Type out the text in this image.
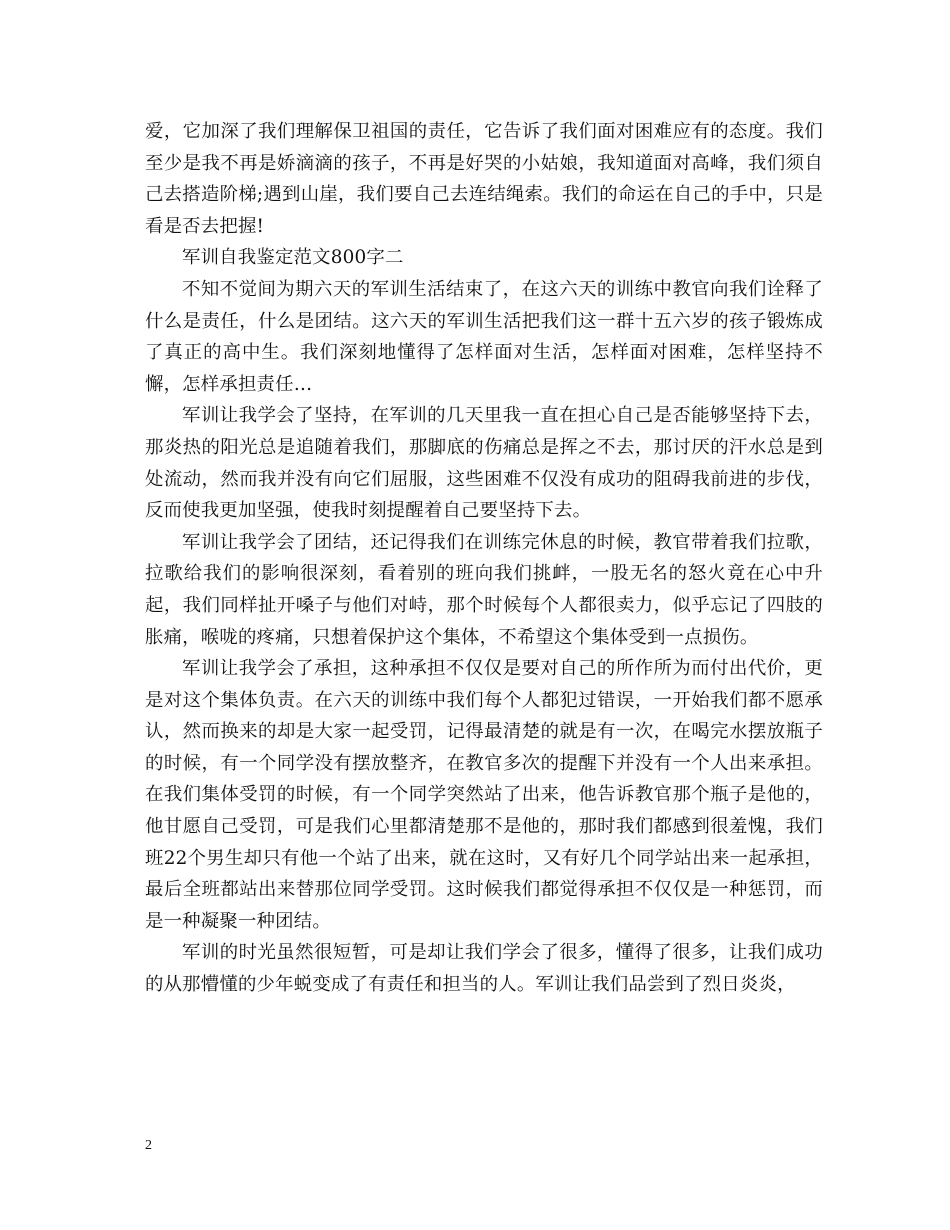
爱，它加深了我们理解保卫祖国的责任，它告诉了我们面对困难应有的态度。我们至少是我不再是娇滴滴的孩子，不再是好哭的小姑娘，我知道面对高峰，我们须自己去搭造阶梯;遇到山崖，我们要自己去连结绳索。我们的命运在自己的手中，只是看是否去把握!

军训自我鉴定范文800字二

不知不觉间为期六天的军训生活结束了，在这六天的训练中教官向我们诠释了什么是责任，什么是团结。这六天的军训生活把我们这一群十五六岁的孩子锻炼成了真正的高中生。我们深刻地懂得了怎样面对生活，怎样面对困难，怎样坚持不懈，怎样承担责任…

军训让我学会了坚持，在军训的几天里我一直在担心自己是否能够坚持下去，那炎热的阳光总是追随着我们，那脚底的伤痛总是挥之不去，那讨厌的汗水总是到处流动，然而我并没有向它们屈服，这些困难不仅没有成功的阻碍我前进的步伐，反而使我更加坚强，使我时刻提醒着自己要坚持下去。

军训让我学会了团结，还记得我们在训练完休息的时候，教官带着我们拉歌，拉歌给我们的影响很深刻，看着别的班向我们挑衅，一股无名的怒火竟在心中升起，我们同样扯开嗓子与他们对峙，那个时候每个人都很卖力，似乎忘记了四肢的胀痛，喉咙的疼痛，只想着保护这个集体，不希望这个集体受到一点损伤。

军训让我学会了承担，这种承担不仅仅是要对自己的所作所为而付出代价，更是对这个集体负责。在六天的训练中我们每个人都犯过错误，一开始我们都不愿承认，然而换来的却是大家一起受罚，记得最清楚的就是有一次，在喝完水摆放瓶子的时候，有一个同学没有摆放整齐，在教官多次的提醒下并没有一个人出来承担。在我们集体受罚的时候，有一个同学突然站了出来，他告诉教官那个瓶子是他的，他甘愿自己受罚，可是我们心里都清楚那不是他的，那时我们都感到很羞愧，我们班22个男生却只有他一个站了出来，就在这时，又有好几个同学站出来一起承担，最后全班都站出来替那位同学受罚。这时候我们都觉得承担不仅仅是一种惩罚，而是一种凝聚一种团结。

军训的时光虽然很短暂，可是却让我们学会了很多，懂得了很多，让我们成功的从那懵懂的少年蜕变成了有责任和担当的人。军训让我们品尝到了烈日炎炎，

2
